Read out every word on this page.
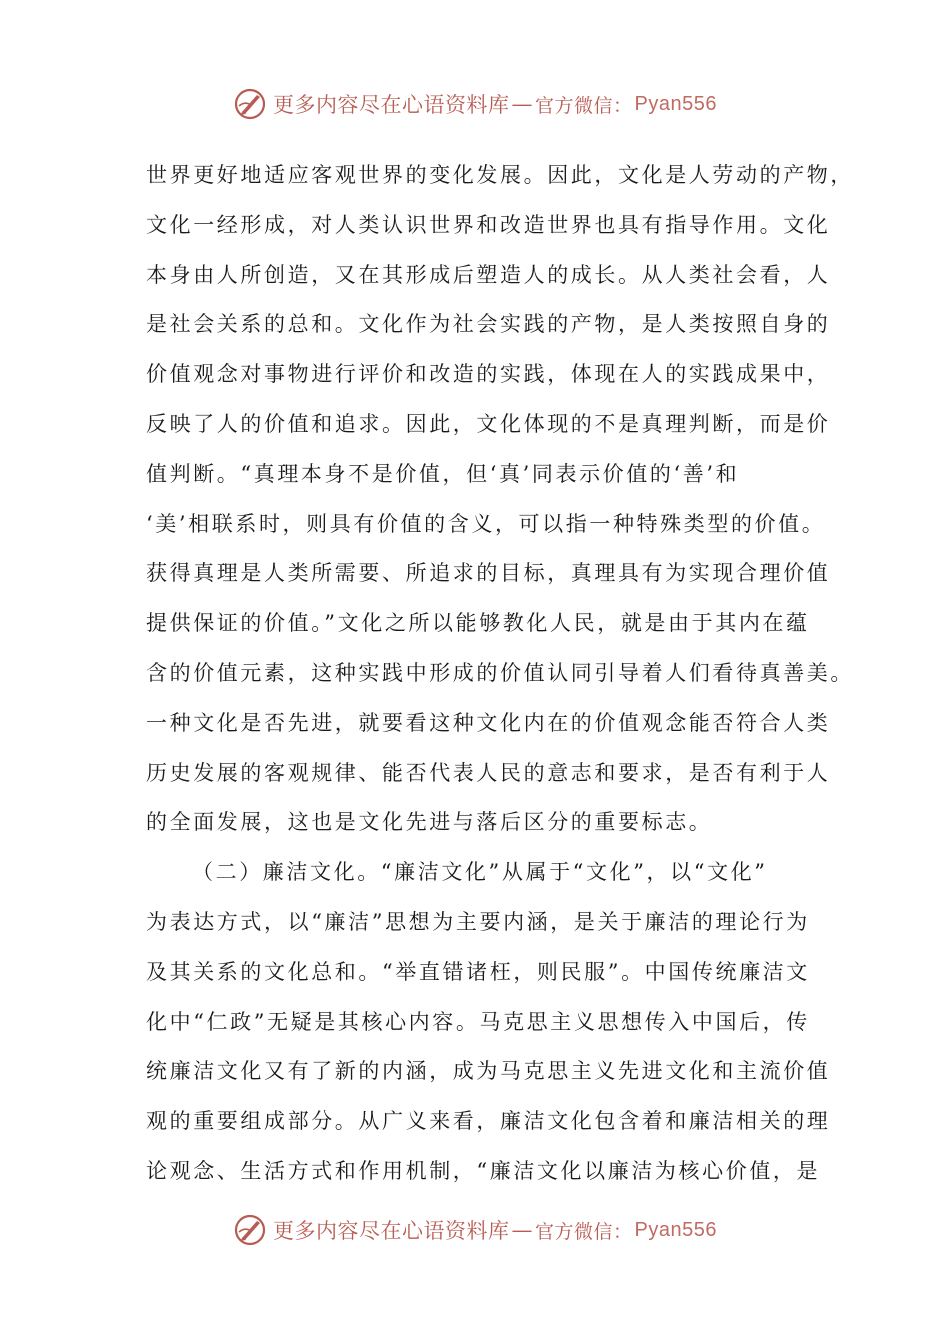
更多内容尽在心语资料库 — 官方微信： Pyan556
世界更好地适应客观世界的变化发展。因此，文化是人劳动的产物，
文化一经形成，对人类认识世界和改造世界也具有指导作用。文化
本身由人所创造，又在其形成后塑造人的成长。从人类社会看，人
是社会关系的总和。文化作为社会实践的产物，是人类按照自身的
价值观念对事物进行评价和改造的实践，体现在人的实践成果中，
反映了人的价值和追求。因此，文化体现的不是真理判断，而是价
值判断。“真理本身不是价值，但‘真’同表示价值的‘善’和
‘美’相联系时，则具有价值的含义，可以指一种特殊类型的价值。
获得真理是人类所需要、所追求的目标，真理具有为实现合理价值
提供保证的价值。”文化之所以能够教化人民，就是由于其内在蕴
含的价值元素，这种实践中形成的价值认同引导着人们看待真善美。
一种文化是否先进，就要看这种文化内在的价值观念能否符合人类
历史发展的客观规律、能否代表人民的意志和要求，是否有利于人
的全面发展，这也是文化先进与落后区分的重要标志。
（二）廉洁文化。“廉洁文化”从属于“文化”，以“文化”
为表达方式，以“廉洁”思想为主要内涵，是关于廉洁的理论行为
及其关系的文化总和。“举直错诸枉，则民服”。中国传统廉洁文
化中“仁政”无疑是其核心内容。马克思主义思想传入中国后，传
统廉洁文化又有了新的内涵，成为马克思主义先进文化和主流价值
观的重要组成部分。从广义来看，廉洁文化包含着和廉洁相关的理
论观念、生活方式和作用机制，“廉洁文化以廉洁为核心价值，是
更多内容尽在心语资料库 — 官方微信： Pyan556
